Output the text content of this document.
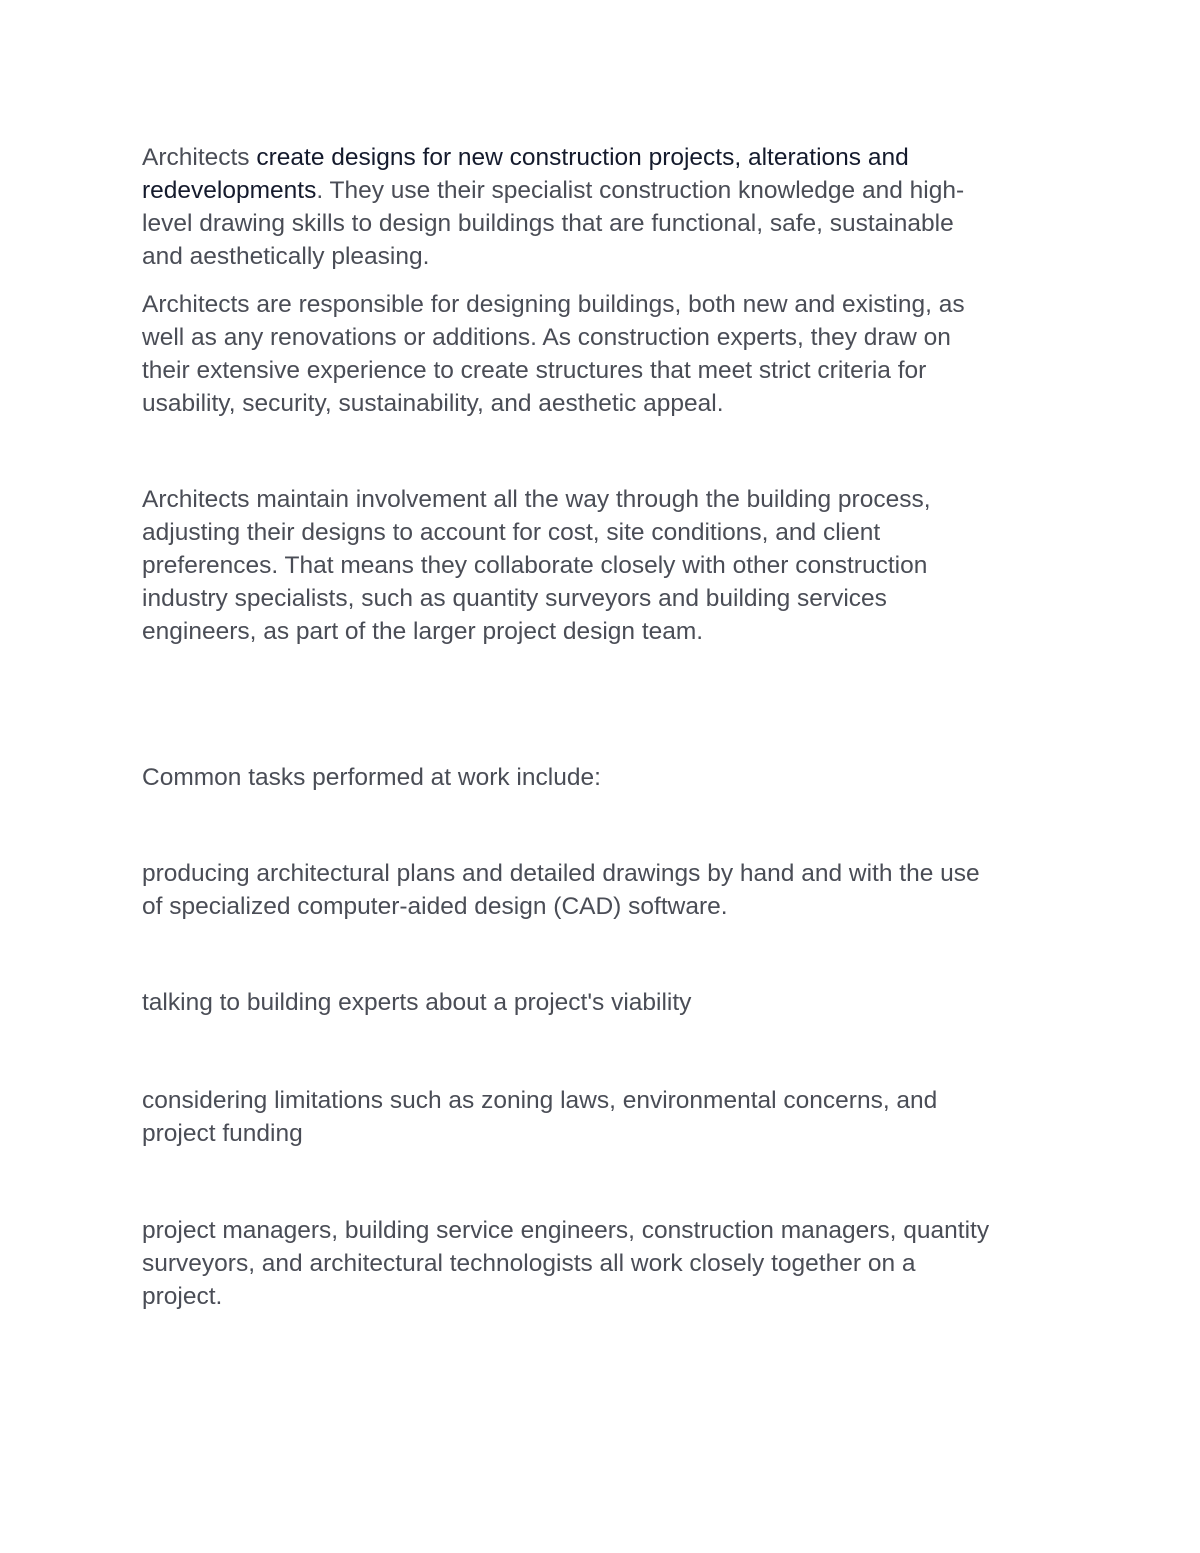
Architects create designs for new construction projects, alterations and
redevelopments. They use their specialist construction knowledge and high-
level drawing skills to design buildings that are functional, safe, sustainable
and aesthetically pleasing.

Architects are responsible for designing buildings, both new and existing, as
well as any renovations or additions. As construction experts, they draw on
their extensive experience to create structures that meet strict criteria for
usability, security, sustainability, and aesthetic appeal.

Architects maintain involvement all the way through the building process,
adjusting their designs to account for cost, site conditions, and client
preferences. That means they collaborate closely with other construction
industry specialists, such as quantity surveyors and building services
engineers, as part of the larger project design team.

Common tasks performed at work include:

producing architectural plans and detailed drawings by hand and with the use
of specialized computer-aided design (CAD) software.

talking to building experts about a project's viability

considering limitations such as zoning laws, environmental concerns, and
project funding

project managers, building service engineers, construction managers, quantity
surveyors, and architectural technologists all work closely together on a
project.
